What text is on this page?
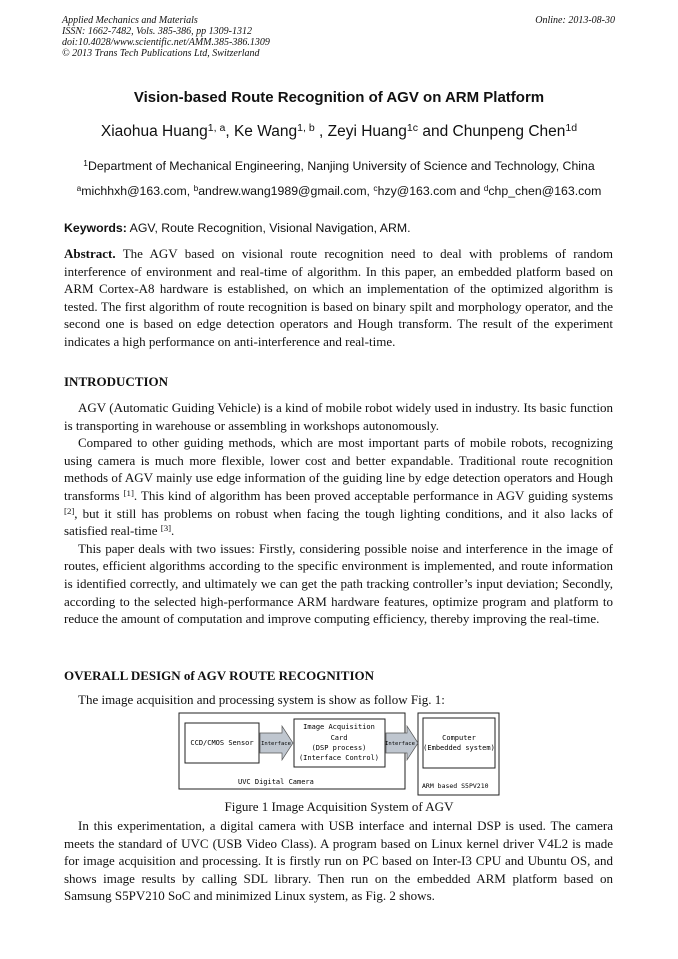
Applied Mechanics and Materials
ISSN: 1662-7482, Vols. 385-386, pp 1309-1312
doi:10.4028/www.scientific.net/AMM.385-386.1309
© 2013 Trans Tech Publications Ltd, Switzerland
Online: 2013-08-30
Vision-based Route Recognition of AGV on ARM Platform
Xiaohua Huang$^{1, a}$, Ke Wang$^{1, b}$ , Zeyi Huang$^{1c}$ and Chunpeng Chen$^{1d}$
$^1$Department of Mechanical Engineering, Nanjing University of Science and Technology, China
$^a$michhxh@163.com, $^b$andrew.wang1989@gmail.com, $^c$hzy@163.com and $^d$chp_chen@163.com
Keywords: AGV, Route Recognition, Visional Navigation, ARM.

Abstract. The AGV based on visional route recognition need to deal with problems of random interference of environment and real-time of algorithm. In this paper, an embedded platform based on ARM Cortex-A8 hardware is established, on which an implementation of the optimized algorithm is tested. The first algorithm of route recognition is based on binary spilt and morphology operator, and the second one is based on edge detection operators and Hough transform. The result of the experiment indicates a high performance on anti-interference and real-time.

INTRODUCTION

AGV (Automatic Guiding Vehicle) is a kind of mobile robot widely used in industry. Its basic function is transporting in warehouse or assembling in workshops autonomously.

Compared to other guiding methods, which are most important parts of mobile robots, recognizing using camera is much more flexible, lower cost and better expandable. Traditional route recognition methods of AGV mainly use edge information of the guiding line by edge detection operators and Hough transforms [1]. This kind of algorithm has been proved acceptable performance in AGV guiding systems [2], but it still has problems on robust when facing the tough lighting conditions, and it also lacks of satisfied real-time [3].

This paper deals with two issues: Firstly, considering possible noise and interference in the image of routes, efficient algorithms according to the specific environment is implemented, and route information is identified correctly, and ultimately we can get the path tracking controller’s input deviation; Secondly, according to the selected high-performance ARM hardware features, optimize program and platform to reduce the amount of computation and improve computing efficiency, thereby improving the real-time.

OVERALL DESIGN of AGV ROUTE RECOGNITION

The image acquisition and processing system is show as follow Fig. 1:

CCD/CMOS Sensor Interface
Image Acquisition
Card
(DSP process)
(Interface Control)
Interface
Computer
(Embedded system)
UVC Digital Camera	ARM based S5PV210
Figure 1 Image Acquisition System of AGV

In this experimentation, a digital camera with USB interface and internal DSP is used. The camera meets the standard of UVC (USB Video Class). A program based on Linux kernel driver V4L2 is made for image acquisition and processing. It is firstly run on PC based on Inter-I3 CPU and Ubuntu OS, and shows image results by calling SDL library. Then run on the embedded ARM platform based on Samsung S5PV210 SoC and minimized Linux system, as Fig. 2 shows.
